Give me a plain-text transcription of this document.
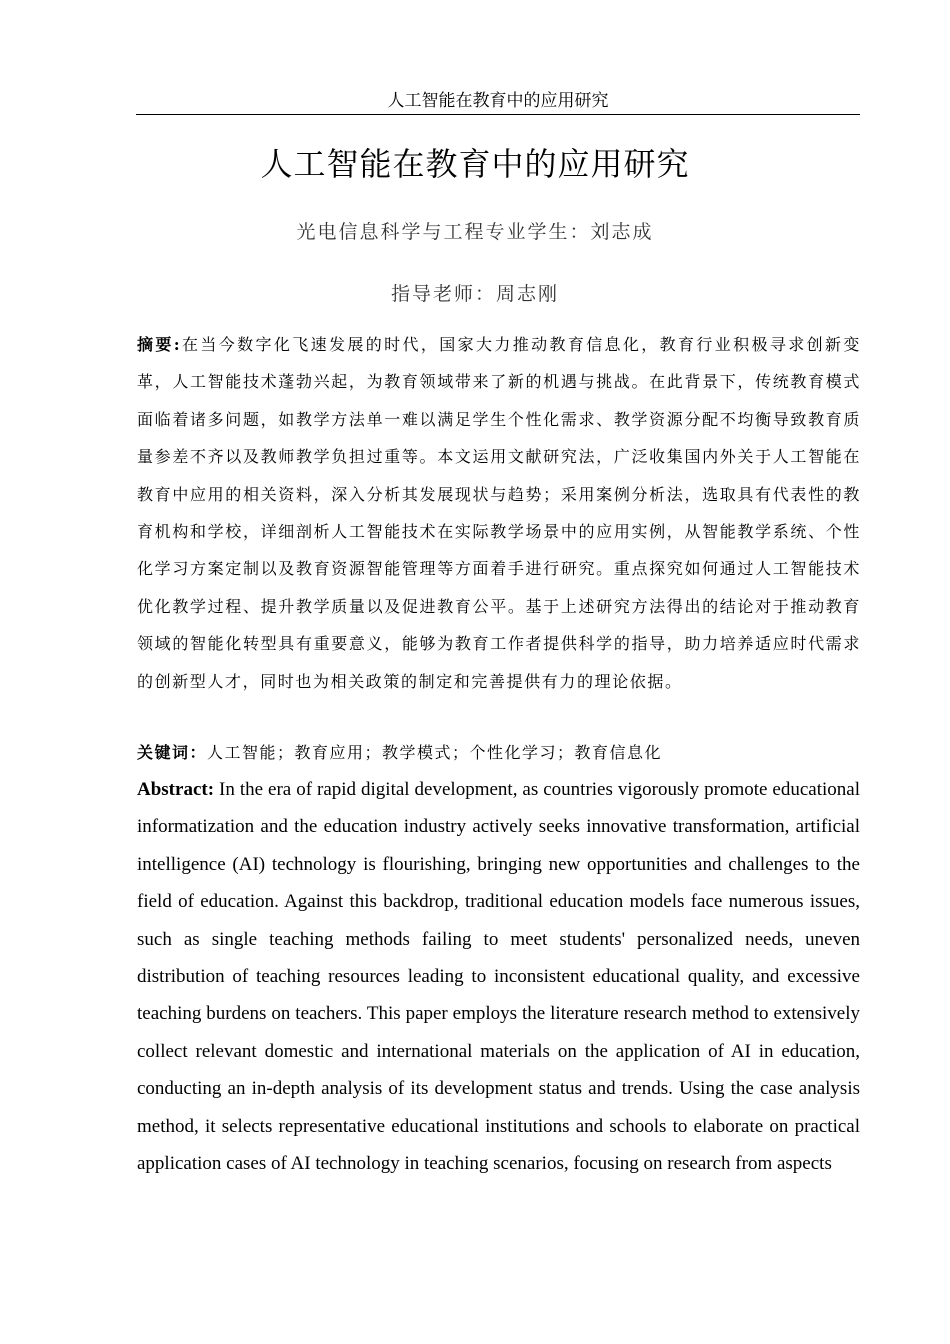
人工智能在教育中的应用研究
人工智能在教育中的应用研究
光电信息科学与工程专业学生：刘志成
指导老师：周志刚
摘要:在当今数字化飞速发展的时代，国家大力推动教育信息化，教育行业积极寻求创新变革，人工智能技术蓬勃兴起，为教育领域带来了新的机遇与挑战。在此背景下，传统教育模式面临着诸多问题，如教学方法单一难以满足学生个性化需求、教学资源分配不均衡导致教育质量参差不齐以及教师教学负担过重等。本文运用文献研究法，广泛收集国内外关于人工智能在教育中应用的相关资料，深入分析其发展现状与趋势；采用案例分析法，选取具有代表性的教育机构和学校，详细剖析人工智能技术在实际教学场景中的应用实例，从智能教学系统、个性化学习方案定制以及教育资源智能管理等方面着手进行研究。重点探究如何通过人工智能技术优化教学过程、提升教学质量以及促进教育公平。基于上述研究方法得出的结论对于推动教育领域的智能化转型具有重要意义，能够为教育工作者提供科学的指导，助力培养适应时代需求的创新型人才，同时也为相关政策的制定和完善提供有力的理论依据。
关键词：人工智能；教育应用；教学模式；个性化学习；教育信息化
Abstract: In the era of rapid digital development, as countries vigorously promote educational informatization and the education industry actively seeks innovative transformation, artificial intelligence (AI) technology is flourishing, bringing new opportunities and challenges to the field of education. Against this backdrop, traditional education models face numerous issues, such as single teaching methods failing to meet students' personalized needs, uneven distribution of teaching resources leading to inconsistent educational quality, and excessive teaching burdens on teachers. This paper employs the literature research method to extensively collect relevant domestic and international materials on the application of AI in education, conducting an in-depth analysis of its development status and trends. Using the case analysis method, it selects representative educational institutions and schools to elaborate on practical application cases of AI technology in teaching scenarios, focusing on research from aspects
